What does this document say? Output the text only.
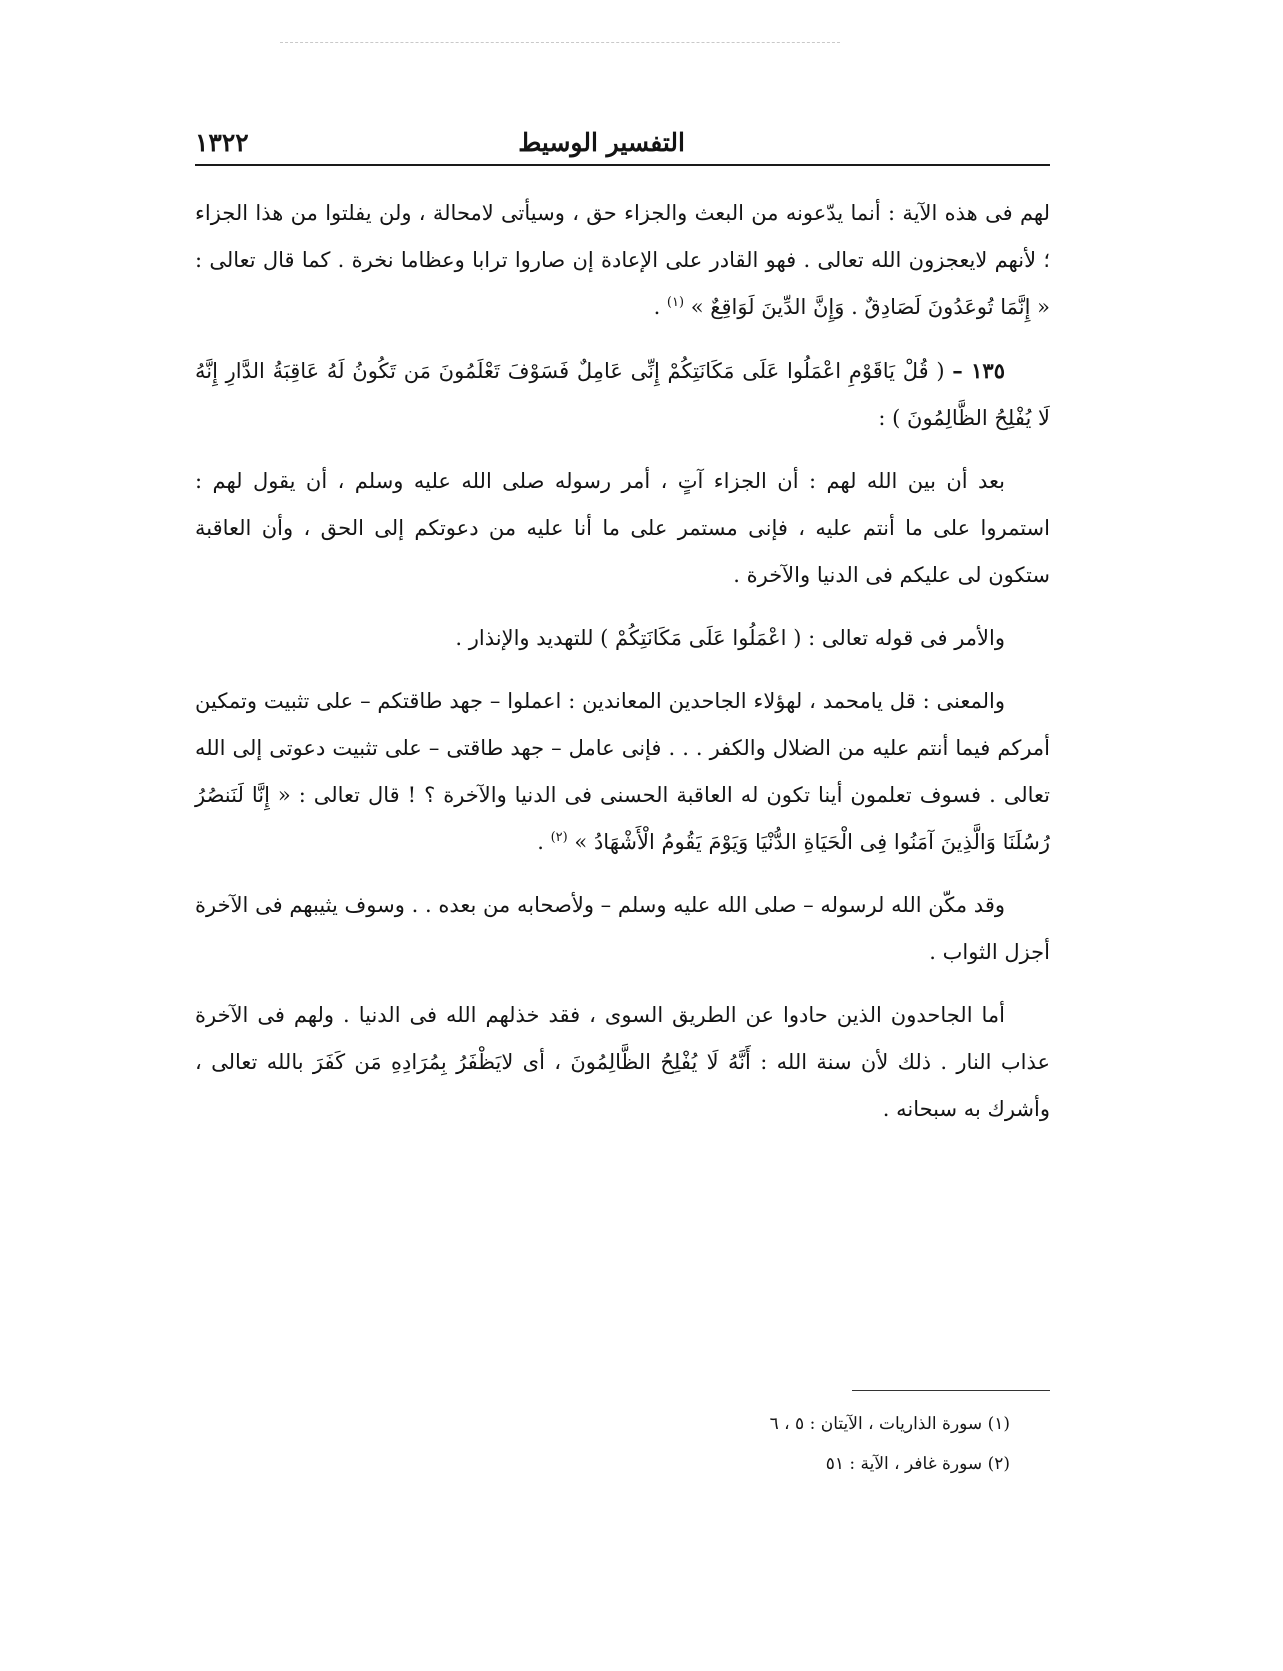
التفسير الوسيط
١٣٢٢

لهم فى هذه الآية : أنما يدّعونه من البعث والجزاء حق ، وسيأتى لامحالة ، ولن يفلتوا من هذا الجزاء ؛ لأنهم لايعجزون الله تعالى . فهو القادر على الإعادة إن صاروا ترابا وعظاما نخرة . كما قال تعالى : « إِنَّمَا تُوعَدُونَ لَصَادِقٌ . وَإِنَّ الدِّينَ لَوَاقِعٌ » $^{(١)}$ .

١٣٥ – ( قُلْ يَاقَوْمِ اعْمَلُوا عَلَى مَكَانَتِكُمْ إِنِّى عَامِلٌ فَسَوْفَ تَعْلَمُونَ مَن تَكُونُ لَهُ عَاقِبَةُ الدَّارِ إِنَّهُ لَا يُفْلِحُ الظَّالِمُونَ ) :

بعد أن بين الله لهم : أن الجزاء آتٍ ، أمر رسوله صلى الله عليه وسلم ، أن يقول لهم : استمروا على ما أنتم عليه ، فإنى مستمر على ما أنا عليه من دعوتكم إلى الحق ، وأن العاقبة ستكون لى عليكم فى الدنيا والآخرة .

والأمر فى قوله تعالى : ( اعْمَلُوا عَلَى مَكَانَتِكُمْ ) للتهديد والإنذار .

والمعنى : قل يامحمد ، لهؤلاء الجاحدين المعاندين : اعملوا – جهد طاقتكم – على تثبيت وتمكين أمركم فيما أنتم عليه من الضلال والكفر . . . فإنى عامل – جهد طاقتى – على تثبيت دعوتى إلى الله تعالى . فسوف تعلمون أينا تكون له العاقبة الحسنى فى الدنيا والآخرة ؟ ! قال تعالى : « إِنَّا لَنَنصُرُ رُسُلَنَا وَالَّذِينَ آمَنُوا فِى الْحَيَاةِ الدُّنْيَا وَيَوْمَ يَقُومُ الْأَشْهَادُ » $^{(٢)}$ .

وقد مكّن الله لرسوله – صلى الله عليه وسلم – ولأصحابه من بعده . . وسوف يثيبهم فى الآخرة أجزل الثواب .

أما الجاحدون الذين حادوا عن الطريق السوى ، فقد خذلهم الله فى الدنيا . ولهم فى الآخرة عذاب النار . ذلك لأن سنة الله : أَنَّهُ لَا يُفْلِحُ الظَّالِمُونَ ، أى لايَظْفَرُ بِمُرَادِهِ مَن كَفَرَ بالله تعالى ، وأشرك به سبحانه .

(١) سورة الذاريات ، الآيتان : ٥ ، ٦

(٢) سورة غافر ، الآية : ٥١
